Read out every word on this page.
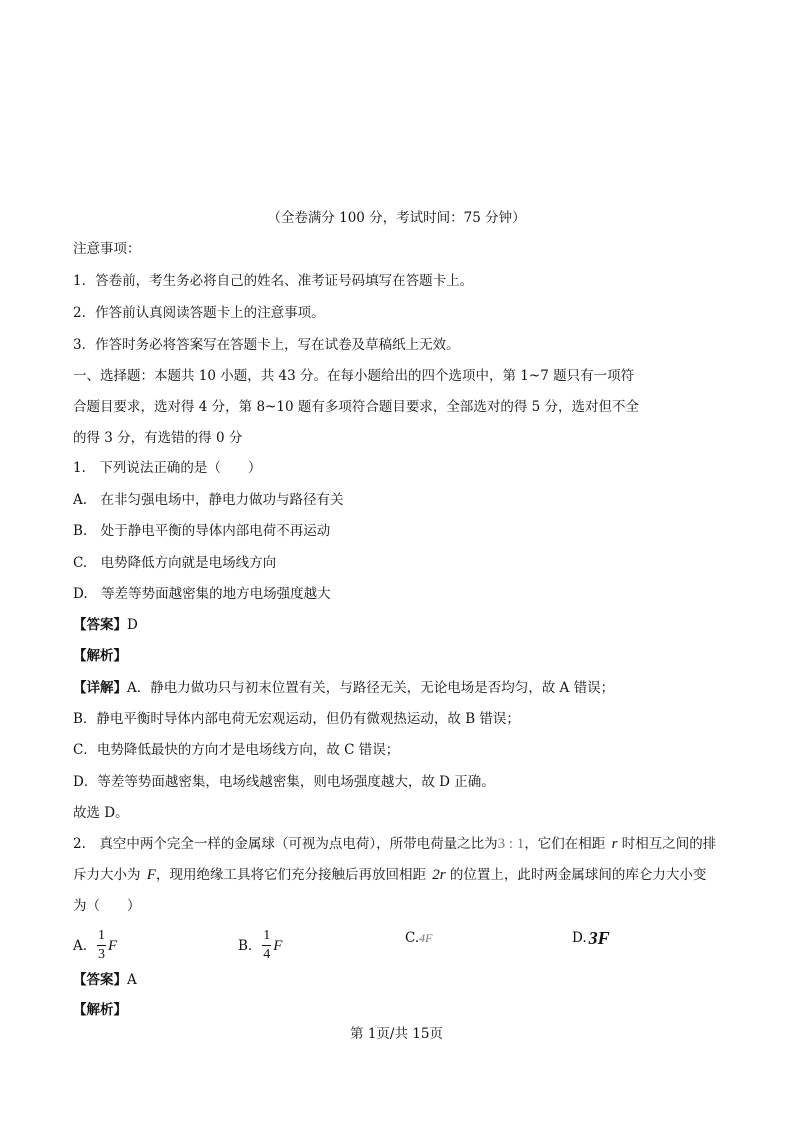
（全卷满分 100 分，考试时间：75 分钟）
注意事项：
1．答卷前，考生务必将自己的姓名、准考证号码填写在答题卡上。
2．作答前认真阅读答题卡上的注意事项。
3．作答时务必将答案写在答题卡上，写在试卷及草稿纸上无效。
一、选择题：本题共 10 小题，共 43 分。在每小题给出的四个选项中，第 1~7 题只有一项符
合题目要求，选对得 4 分，第 8~10 题有多项符合题目要求，全部选对的得 5 分，选对但不全
的得 3 分，有选错的得 0 分
1.　下列说法正确的是（　　）
A.　在非匀强电场中，静电力做功与路径有关
B.　处于静电平衡的导体内部电荷不再运动
C.　电势降低方向就是电场线方向
D.　等差等势面越密集的地方电场强度越大
【答案】D
【解析】
【详解】A．静电力做功只与初末位置有关，与路径无关，无论电场是否均匀，故 A 错误；
B．静电平衡时导体内部电荷无宏观运动，但仍有微观热运动，故 B 错误；
C．电势降低最快的方向才是电场线方向，故 C 错误；
D．等差等势面越密集，电场线越密集，则电场强度越大，故 D 正确。
故选 D。
2.　真空中两个完全一样的金属球（可视为点电荷），所带电荷量之比为3 : 1，它们在相距 r 时相互之间的排
斥力大小为 F，现用绝缘工具将它们充分接触后再放回相距 2r 的位置上，此时两金属球间的库仑力大小变
为（　　）
A. $\frac{1}{3}$ F	B. $\frac{1}{4}$ F	C. 4F	D. 3F
【答案】A
【解析】
第 1页/共 15页
